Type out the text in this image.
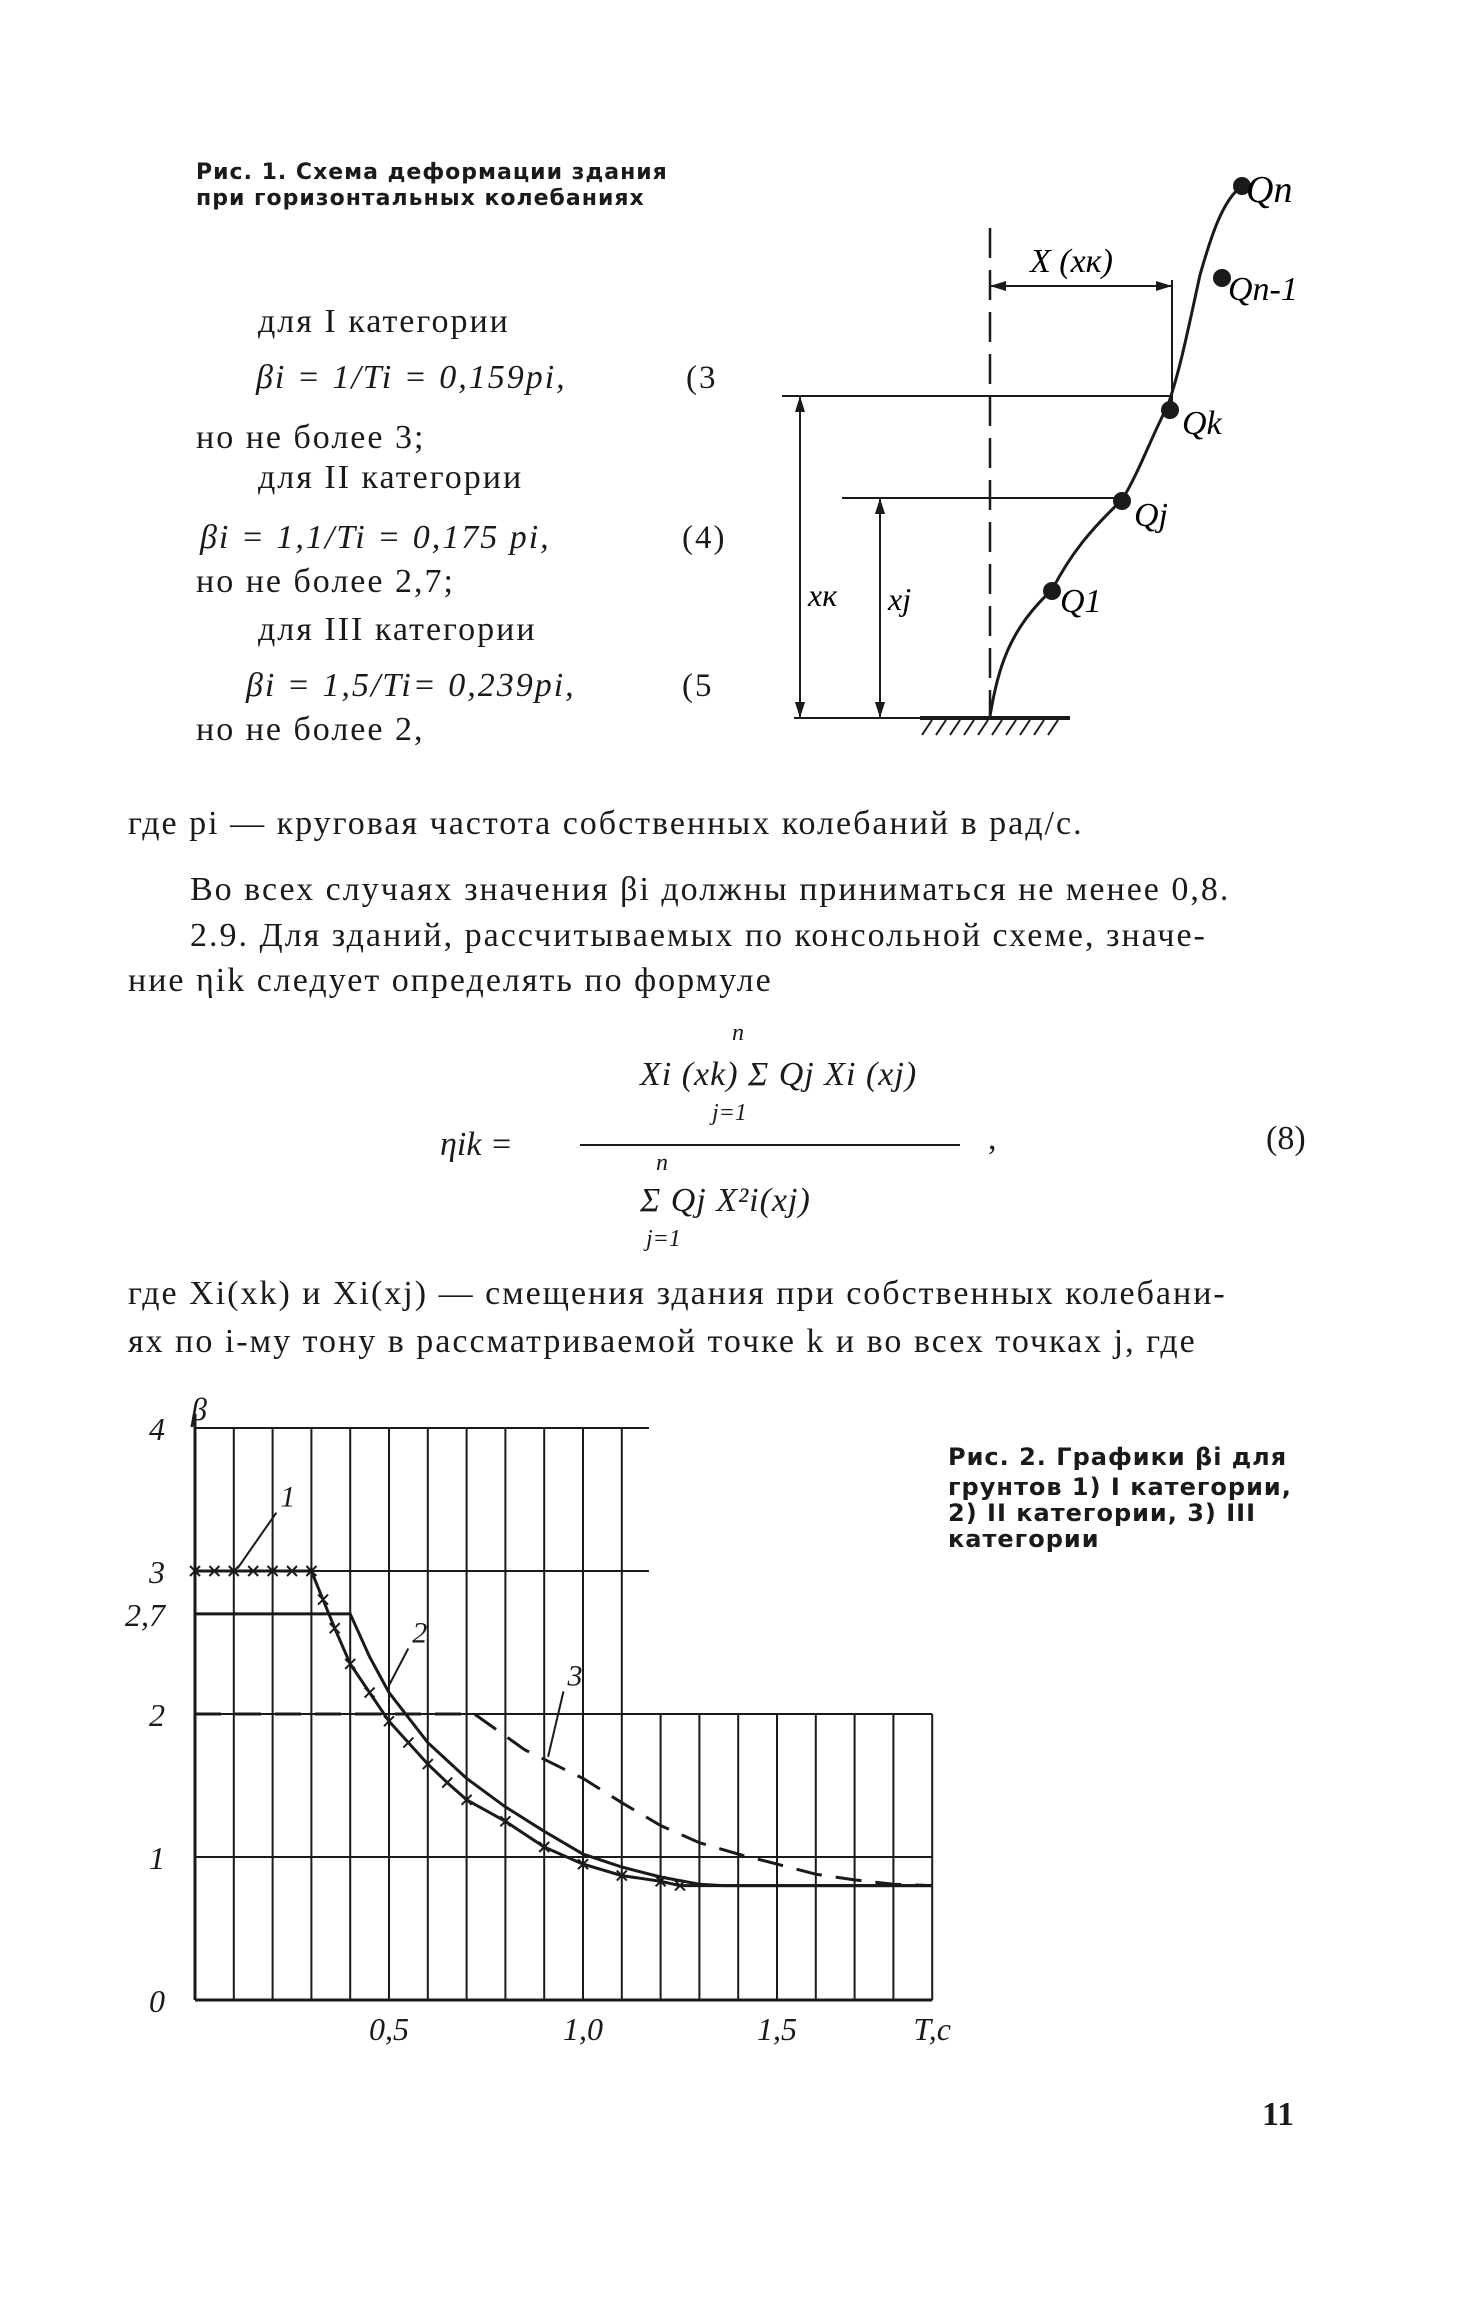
Рис. 1. Схема деформации здания
при горизонтальных колебаниях
для I категории
βi = 1/Ti = 0,159pi,	(3
но не более 3;
для II категории
βi = 1,1/Ti = 0,175 pi,	(4)
но не более 2,7;
для III категории
βi = 1,5/Ti= 0,239pi,	(5
но не более 2,
Qn
Qn-1
Qk
Qj
Q1
X (xк)
xк xj
где pi — круговая частота собственных колебаний в рад/с.
Во всех случаях значения βi должны приниматься не менее 0,8.
2.9. Для зданий, рассчитываемых по консольной схеме, значе-
ние ηik следует определять по формуле
Xi (xk) Σ Qj Xi (xj)
n
j=1
ηik =	,	(8)
n
Σ Qj X²i(xj)
j=1
где Xi(xk) и Xi(xj) — смещения здания при собственных колебани-
ях по i-му тону в рассматриваемой точке k и во всех точках j, где
Рис. 2. Графики βi для
грунтов 1) I категории,
2) II категории, 3) III
категории
0
1
2
2,7
3
4
β
0,5	1,0	1,5	T,c
1
2
3
11
